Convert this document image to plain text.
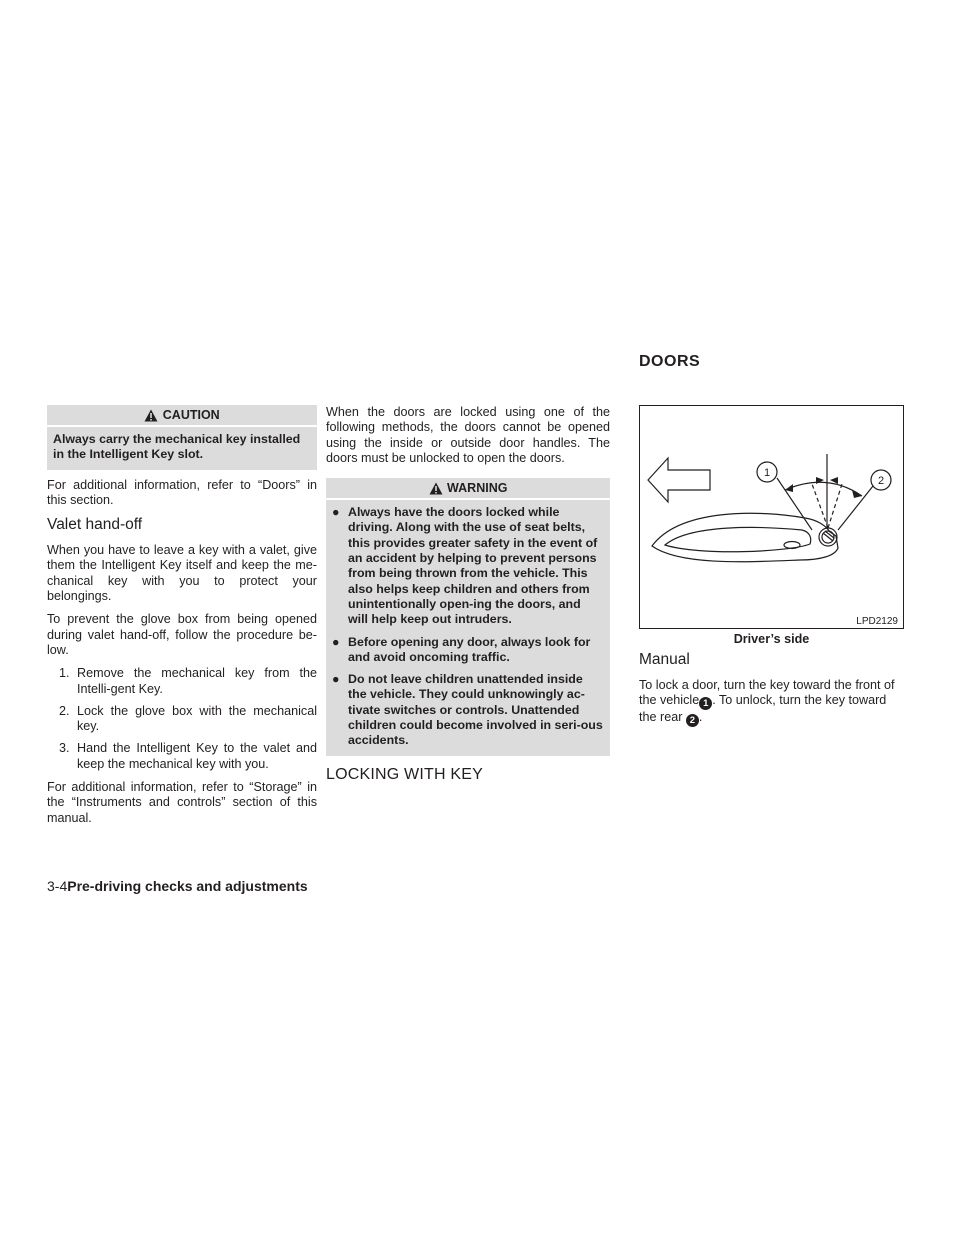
DOORS
CAUTION
Always carry the mechanical key installed in the Intelligent Key slot.

For additional information, refer to “Doors” in this section.

Valet hand-off

When you have to leave a key with a valet, give them the Intelligent Key itself and keep the me-chanical key with you to protect your belongings.

To prevent the glove box from being opened during valet hand-off, follow the procedure be-low.

1. Remove the mechanical key from the Intelli-gent Key.
2. Lock the glove box with the mechanical key.
3. Hand the Intelligent Key to the valet and keep the mechanical key with you.

For additional information, refer to “Storage” in the “Instruments and controls” section of this manual.

When the doors are locked using one of the following methods, the doors cannot be opened using the inside or outside door handles. The doors must be unlocked to open the doors.

WARNING
● Always have the doors locked while driving. Along with the use of seat belts, this provides greater safety in the event of an accident by helping to prevent persons from being thrown from the vehicle. This also helps keep children and others from unintentionally open-ing the doors, and will help keep out intruders.
● Before opening any door, always look for and avoid oncoming traffic.
● Do not leave children unattended inside the vehicle. They could unknowingly ac-tivate switches or controls. Unattended children could become involved in seri-ous accidents.
LOCKING WITH KEY
1
2
LPD2129
Driver’s side
Manual

To lock a door, turn the key toward the front of the vehicle 1 . To unlock, turn the key toward the rear 2 .

3-4Pre-driving checks and adjustments
